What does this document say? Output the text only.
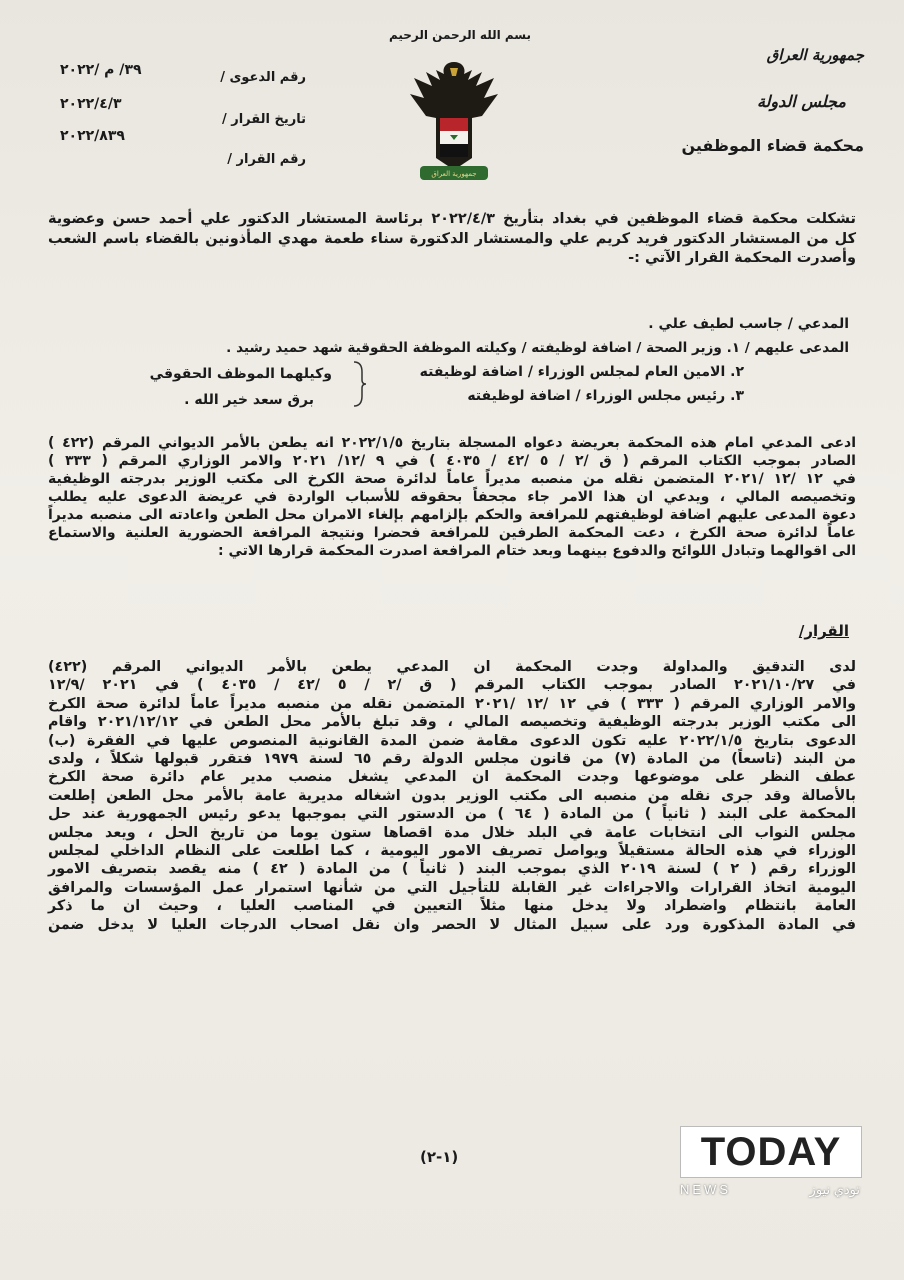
بسم الله الرحمن الرحيم
جمهورية العراق
مجلس الدولة
محكمة قضاء الموظفين
رقم الدعوى /
تاريخ القرار /
رقم القرار /
٣٩/ م /٢٠٢٢
٢٠٢٢/٤/٣
٢٠٢٢/٨٣٩
جمهورية العراق
تشكلت محكمة قضاء الموظفين في بغداد بتأريخ ٢٠٢٢/٤/٣ برئاسة المستشار الدكتور علي أحمد حسن وعضوية
كل من المستشار الدكتور فريد كريم علي والمستشار الدكتورة سناء طعمة مهدي المأذونين بالقضاء باسم الشعب
وأصدرت المحكمة القرار الآتي :-
المدعي / جاسب لطيف علي .
المدعى عليهم / ١. وزير الصحة / اضافة لوظيفته / وكيلته الموظفة الحقوقية شهد حميد رشيد .
٢. الامين العام لمجلس الوزراء / اضافة لوظيفته
٣. رئيس مجلس الوزراء / اضافة لوظيفته
وكيلهما الموظف الحقوقي
برق سعد خير الله .
ادعى المدعي امام هذه المحكمة بعريضة دعواه المسجلة بتاريخ ٢٠٢٢/١/٥ انه يطعن بالأمر الديواني المرقم (٤٢٢ )
الصادر بموجب الكتاب المرقم ( ق /٢ / ٥ /٤٢ / ٤٠٣٥ ) في ٩ /١٢/ ٢٠٢١ والامر الوزاري المرقم ( ٣٣٣ )
في ١٢ /١٢ /٢٠٢١ المتضمن نقله من منصبه مديراً عاماً لدائرة صحة الكرخ الى مكتب الوزير بدرجته الوظيفية
وتخصيصه المالي ، ويدعي ان هذا الامر جاء مجحفاً بحقوقه للأسباب الواردة في عريضة الدعوى عليه يطلب
دعوة المدعى عليهم اضافة لوظيفتهم للمرافعة والحكم بإلزامهم بإلغاء الامران محل الطعن واعادته الى منصبه مديراً
عاماً لدائرة صحة الكرخ ، دعت المحكمة الطرفين للمرافعة فحضرا ونتيجة المرافعة الحضورية العلنية والاستماع
الى اقوالهما وتبادل اللوائح والدفوع بينهما وبعد ختام المرافعة اصدرت المحكمة قرارها الاتي :
القرار/
لدى التدقيق والمداولة وجدت المحكمة ان المدعي يطعن بالأمر الديواني المرقم (٤٢٢)
في ٢٠٢١/١٠/٢٧ الصادر بموجب الكتاب المرقم ( ق /٢ / ٥ /٤٢ / ٤٠٣٥ ) في ٢٠٢١ /١٢/٩
والامر الوزاري المرقم ( ٣٣٣ ) في ١٢ /١٢ /٢٠٢١ المتضمن نقله من منصبه مديراً عاماً لدائرة صحة الكرخ
الى مكتب الوزير بدرجته الوظيفية وتخصيصه المالي ، وقد تبلغ بالأمر محل الطعن في ٢٠٢١/١٢/١٢ واقام
الدعوى بتاريخ ٢٠٢٢/١/٥ عليه تكون الدعوى مقامة ضمن المدة القانونية المنصوص عليها في الفقرة (ب)
من البند (تاسعاً) من المادة (٧) من قانون مجلس الدولة رقم ٦٥ لسنة ١٩٧٩ فتقرر قبولها شكلاً ، ولدى
عطف النظر على موضوعها وجدت المحكمة ان المدعي يشغل منصب مدير عام دائرة صحة الكرخ
بالأصالة وقد جرى نقله من منصبه الى مكتب الوزير بدون اشغاله مديرية عامة بالأمر محل الطعن إطلعت
المحكمة على البند ( ثانياً ) من المادة ( ٦٤ ) من الدستور التي بموجبها يدعو رئيس الجمهورية عند حل
مجلس النواب الى انتخابات عامة في البلد خلال مدة اقصاها ستون يوما من تاريخ الحل ، ويعد مجلس
الوزراء في هذه الحالة مستقيلاً ويواصل تصريف الامور اليومية ، كما اطلعت على النظام الداخلي لمجلس
الوزراء رقم ( ٢ ) لسنة ٢٠١٩ الذي بموجب البند ( ثانياً ) من المادة ( ٤٢ ) منه يقصد بتصريف الامور
اليومية اتخاذ القرارات والاجراءات غير القابلة للتأجيل التي من شأنها استمرار عمل المؤسسات والمرافق
العامة بانتظام واضطراد ولا يدخل منها مثلاً التعيين في المناصب العليا ، وحيث ان ما ذكر
في المادة المذكورة ورد على سبيل المثال لا الحصر وان نقل اصحاب الدرجات العليا لا يدخل ضمن
(١-٢)	TODAY
NEWS	تودي نيوز
